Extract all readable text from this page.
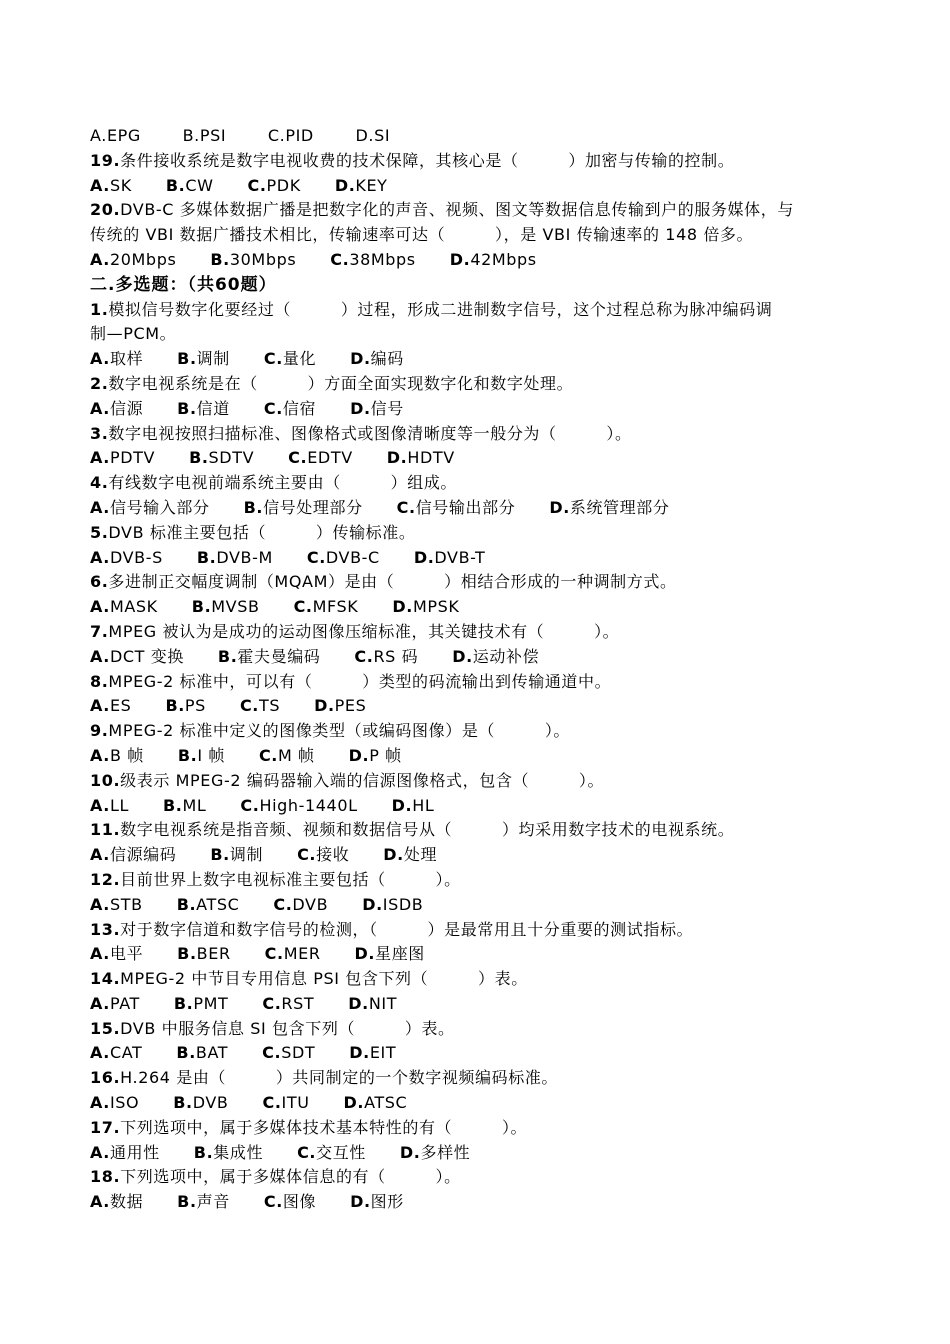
A.EPG	B.PSI	C.PID	D.SI
19.条件接收系统是数字电视收费的技术保障，其核心是（　　　）加密与传输的控制。
A.SK B.CW C.PDK D.KEY
20.DVB-C 多媒体数据广播是把数字化的声音、视频、图文等数据信息传输到户的服务媒体，与
传统的 VBI 数据广播技术相比，传输速率可达（　　　），是 VBI 传输速率的 148 倍多。
A.20Mbps B.30Mbps C.38Mbps D.42Mbps
二.多选题：（共60题）
1.模拟信号数字化要经过（　　　）过程，形成二进制数字信号，这个过程总称为脉冲编码调
制—PCM。
A.取样 B.调制 C.量化 D.编码
2.数字电视系统是在（　　　）方面全面实现数字化和数字处理。
A.信源 B.信道 C.信宿 D.信号
3.数字电视按照扫描标准、图像格式或图像清晰度等一般分为（　　　）。
A.PDTV B.SDTV C.EDTV D.HDTV
4.有线数字电视前端系统主要由（　　　）组成。
A.信号输入部分 B.信号处理部分 C.信号输出部分 D.系统管理部分
5.DVB 标准主要包括（　　　）传输标准。
A.DVB-S B.DVB-M C.DVB-C D.DVB-T
6.多进制正交幅度调制（MQAM）是由（　　　）相结合形成的一种调制方式。
A.MASK B.MVSB C.MFSK D.MPSK
7.MPEG 被认为是成功的运动图像压缩标准，其关键技术有（　　　）。
A.DCT 变换 B.霍夫曼编码 C.RS 码 D.运动补偿
8.MPEG-2 标准中，可以有（　　　）类型的码流输出到传输通道中。
A.ES B.PS C.TS D.PES
9.MPEG-2 标准中定义的图像类型（或编码图像）是（　　　）。
A.B 帧 B.I 帧 C.M 帧 D.P 帧
10.级表示 MPEG-2 编码器输入端的信源图像格式，包含（　　　）。
A.LL B.ML C.High-1440L D.HL
11.数字电视系统是指音频、视频和数据信号从（　　　）均采用数字技术的电视系统。
A.信源编码 B.调制 C.接收 D.处理
12.目前世界上数字电视标准主要包括（　　　）。
A.STB B.ATSC C.DVB D.ISDB
13.对于数字信道和数字信号的检测，（　　　）是最常用且十分重要的测试指标。
A.电平 B.BER C.MER D.星座图
14.MPEG-2 中节目专用信息 PSI 包含下列（　　　）表。
A.PAT B.PMT C.RST D.NIT
15.DVB 中服务信息 SI 包含下列（　　　）表。
A.CAT B.BAT C.SDT D.EIT
16.H.264 是由（　　　）共同制定的一个数字视频编码标准。
A.ISO B.DVB C.ITU D.ATSC
17.下列选项中，属于多媒体技术基本特性的有（　　　）。
A.通用性 B.集成性 C.交互性 D.多样性
18.下列选项中，属于多媒体信息的有（　　　）。
A.数据 B.声音 C.图像 D.图形
